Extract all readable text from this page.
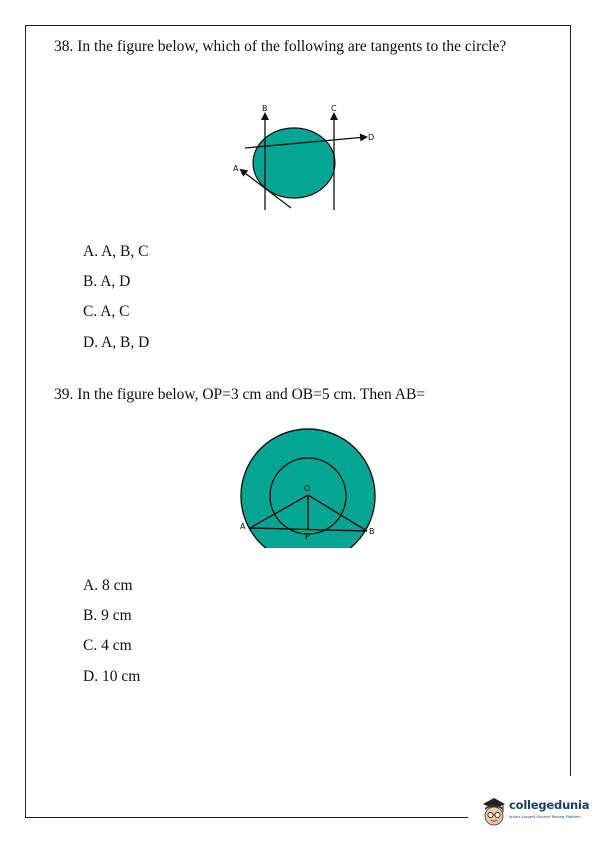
38. In the figure below, which of the following are tangents to the circle?
B	C
D
A
A. A, B, C
B. A, D
C. A, C
D. A, B, D
39. In the figure below, OP=3 cm and OB=5 cm. Then AB=
O
A
P
B
A. 8 cm
B. 9 cm
C. 4 cm
D. 10 cm
collegedunia
India's Largest Student Review Platform
